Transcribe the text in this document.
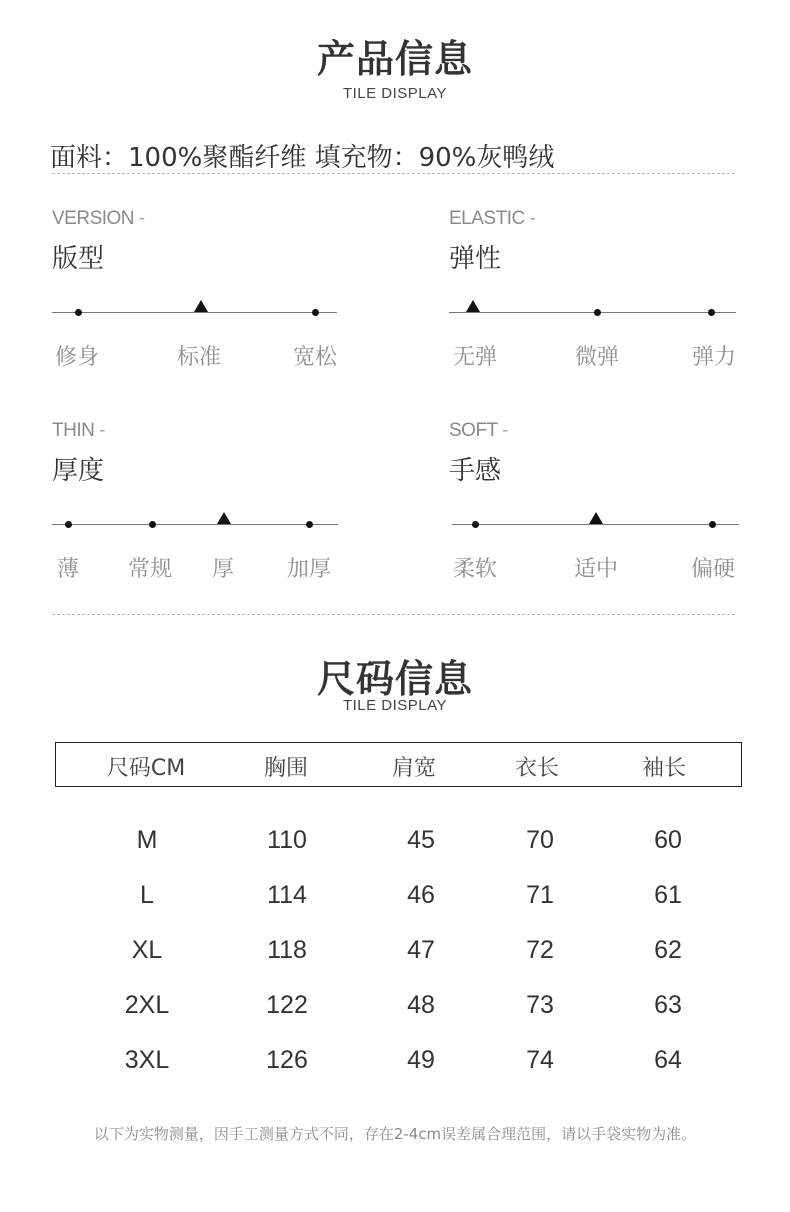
产品信息
TILE DISPLAY
面料：100%聚酯纤维 填充物：90%灰鸭绒
VERSION -
版型
修身	标准	宽松
ELASTIC -
弹性
无弹	微弹	弹力
THIN -
厚度
薄	常规	厚	加厚
SOFT -
手感
柔软	适中	偏硬
尺码信息
TILE DISPLAY
尺码CM	胸围	肩宽	衣长	袖长
M	110	45	70	60
L	114	46	71	61
XL	118	47	72	62
2XL	122	48	73	63
3XL	126	49	74	64
以下为实物测量，因手工测量方式不同，存在2-4cm误差属合理范围，请以手袋实物为准。
